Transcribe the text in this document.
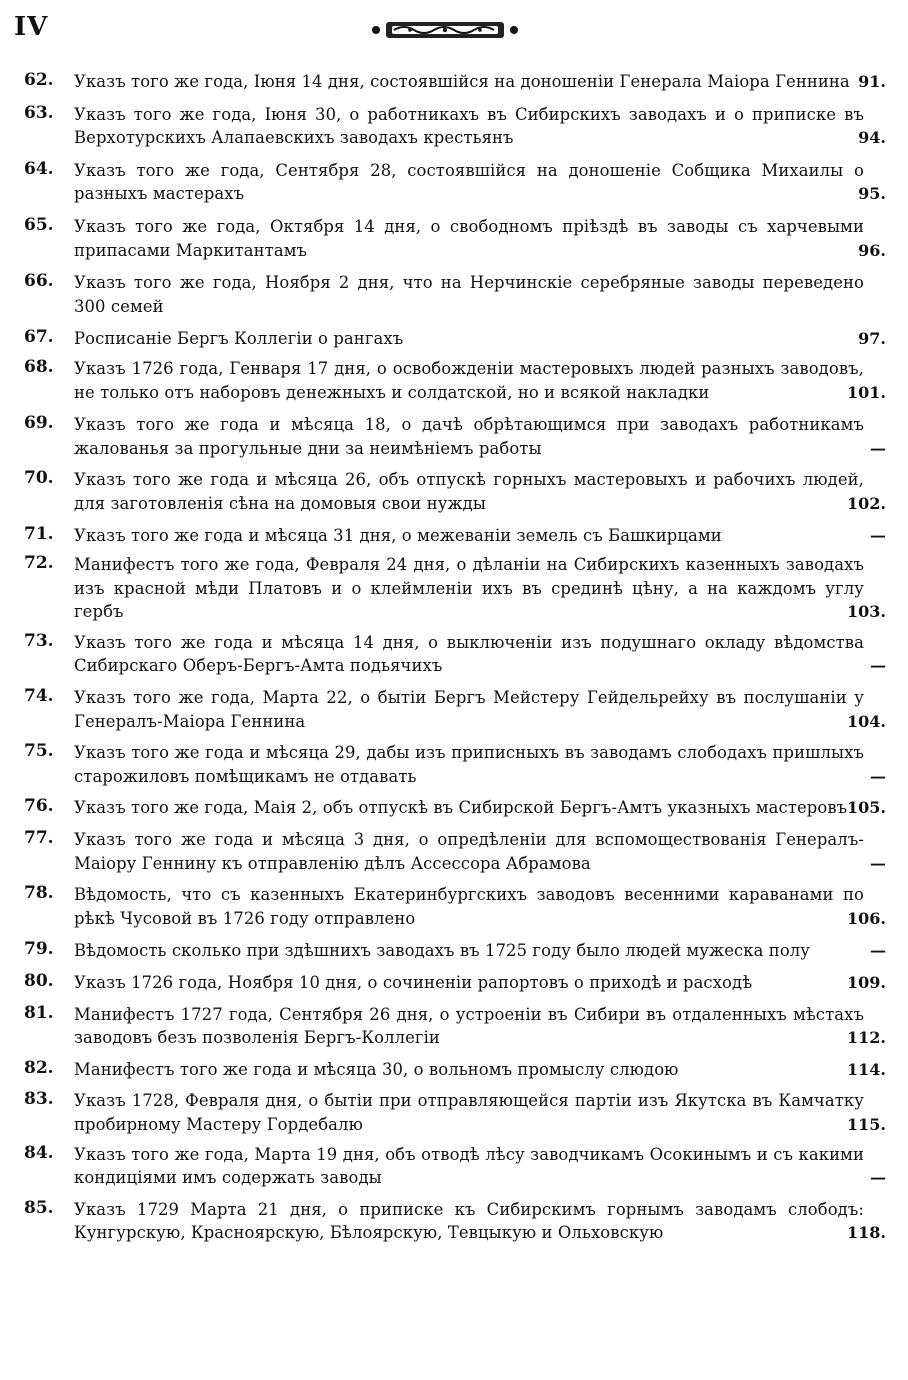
IV
62. Указъ того же года, Іюня 14 дня, состоявшійся на доношеніи Генерала Маіора Геннина 91.
63. Указъ того же года, Іюня 30, о работникахъ въ Сибирскихъ заводахъ и о приписке въ Верхотурскихъ Алапаевскихъ заводахъ крестьянъ	94.
64. Указъ того же года, Сентября 28, состоявшійся на доношеніе Собщика Михаилы о разныхъ мастерахъ	95.
65. Указъ того же года, Октября 14 дня, о свободномъ пріѣздѣ въ заводы съ харчевыми припасами Маркитантамъ	96.
66. Указъ того же года, Ноября 2 дня, что на Нерчинскіе серебряные заводы переведено 300 семей
67. Росписаніе Бергъ Коллегіи о рангахъ	97.
68. Указъ 1726 года, Генваря 17 дня, о освобожденіи мастеровыхъ людей разныхъ заводовъ, не только отъ наборовъ денежныхъ и солдатской, но и всякой накладки	101.
69. Указъ того же года и мѣсяца 18, о дачѣ обрѣтающимся при заводахъ работникамъ жалованья за прогульные дни за неимѣніемъ работы	—
70. Указъ того же года и мѣсяца 26, объ отпускѣ горныхъ мастеровыхъ и рабочихъ людей, для заготовленія сѣна на домовыя свои нужды	102.
71. Указъ того же года и мѣсяца 31 дня, о межеваніи земель съ Башкирцами	—
72. Манифестъ того же года, Февраля 24 дня, о дѣланіи на Сибирскихъ казенныхъ заводахъ изъ красной мѣди Платовъ и о клеймленіи ихъ въ срединѣ цѣну, а на каждомъ углу гербъ	103.
73. Указъ того же года и мѣсяца 14 дня, о выключеніи изъ подушнаго окладу вѣдомства Сибирскаго Оберъ-Бергъ-Амта подьячихъ	—
74. Указъ того же года, Марта 22, о бытіи Бергъ Мейстеру Гейдельрейху въ послушаніи у Генералъ-Маіора Геннина	104.
75. Указъ того же года и мѣсяца 29, дабы изъ приписныхъ въ заводамъ слободахъ пришлыхъ старожиловъ помѣщикамъ не отдавать	—
76. Указъ того же года, Маія 2, объ отпускѣ въ Сибирской Бергъ-Амтъ указныхъ мастеровъ 105.
77. Указъ того же года и мѣсяца 3 дня, о опредѣленіи для вспомоществованія Генералъ-Маіору Геннину къ отправленію дѣлъ Ассессора Абрамова	—
78. Вѣдомость, что съ казенныхъ Екатеринбургскихъ заводовъ весенними караванами по рѣкѣ Чусовой въ 1726 году отправлено	106.
79. Вѣдомость сколько при здѣшнихъ заводахъ въ 1725 году было людей мужеска полу	—
80. Указъ 1726 года, Ноября 10 дня, о сочиненіи рапортовъ о приходѣ и расходѣ	109.
81. Манифестъ 1727 года, Сентября 26 дня, о устроеніи въ Сибири въ отдаленныхъ мѣстахъ заводовъ безъ позволенія Бергъ-Коллегіи	112.
82. Манифестъ того же года и мѣсяца 30, о вольномъ промыслу слюдою	114.
83. Указъ 1728, Февраля дня, о бытіи при отправляющейся партіи изъ Якутска въ Камчатку пробирному Мастеру Гордебалю	115.
84. Указъ того же года, Марта 19 дня, объ отводѣ лѣсу заводчикамъ Осокинымъ и съ какими кондиціями имъ содержать заводы	—
85. Указъ 1729 Марта 21 дня, о приписке къ Сибирскимъ горнымъ заводамъ слободъ: Кунгурскую, Красноярскую, Бѣлоярскую, Тевцыкую и Ольховскую	118.
